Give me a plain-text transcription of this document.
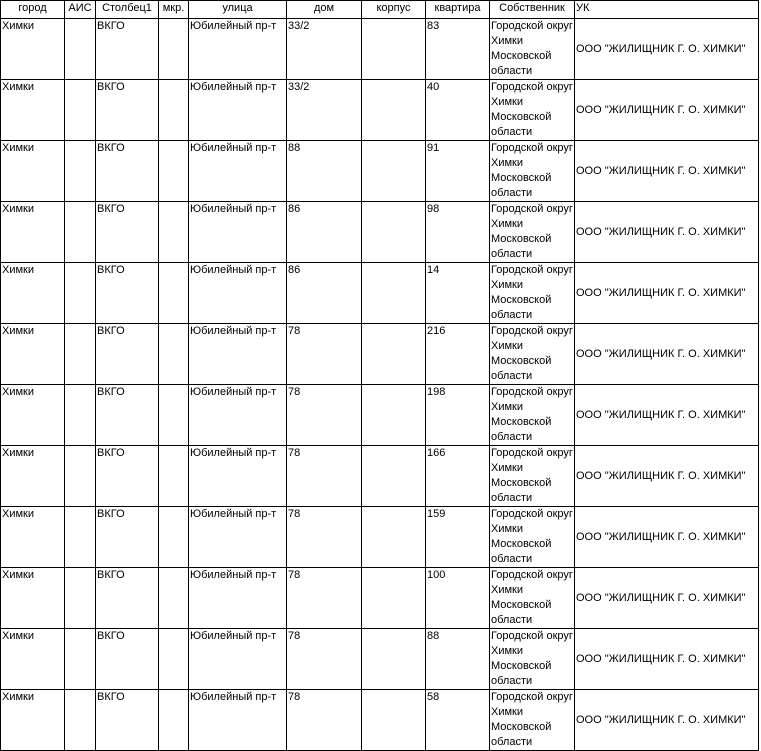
город	АИС	Столбец1	мкр.	улица	дом	корпус	квартира	Собственник	УК
Химки		ВКГО		Юбилейный пр-т	33/2		83	Городской округ Химки Московской области	ООО "ЖИЛИЩНИК Г. О. ХИМКИ"
Химки		ВКГО		Юбилейный пр-т	33/2		40	Городской округ Химки Московской области	ООО "ЖИЛИЩНИК Г. О. ХИМКИ"
Химки		ВКГО		Юбилейный пр-т	88		91	Городской округ Химки Московской области	ООО "ЖИЛИЩНИК Г. О. ХИМКИ"
Химки		ВКГО		Юбилейный пр-т	86		98	Городской округ Химки Московской области	ООО "ЖИЛИЩНИК Г. О. ХИМКИ"
Химки		ВКГО		Юбилейный пр-т	86		14	Городской округ Химки Московской области	ООО "ЖИЛИЩНИК Г. О. ХИМКИ"
Химки		ВКГО		Юбилейный пр-т	78		216	Городской округ Химки Московской области	ООО "ЖИЛИЩНИК Г. О. ХИМКИ"
Химки		ВКГО		Юбилейный пр-т	78		198	Городской округ Химки Московской области	ООО "ЖИЛИЩНИК Г. О. ХИМКИ"
Химки		ВКГО		Юбилейный пр-т	78		166	Городской округ Химки Московской области	ООО "ЖИЛИЩНИК Г. О. ХИМКИ"
Химки		ВКГО		Юбилейный пр-т	78		159	Городской округ Химки Московской области	ООО "ЖИЛИЩНИК Г. О. ХИМКИ"
Химки		ВКГО		Юбилейный пр-т	78		100	Городской округ Химки Московской области	ООО "ЖИЛИЩНИК Г. О. ХИМКИ"
Химки		ВКГО		Юбилейный пр-т	78		88	Городской округ Химки Московской области	ООО "ЖИЛИЩНИК Г. О. ХИМКИ"
Химки		ВКГО		Юбилейный пр-т	78		58	Городской округ Химки Московской области	ООО "ЖИЛИЩНИК Г. О. ХИМКИ"
